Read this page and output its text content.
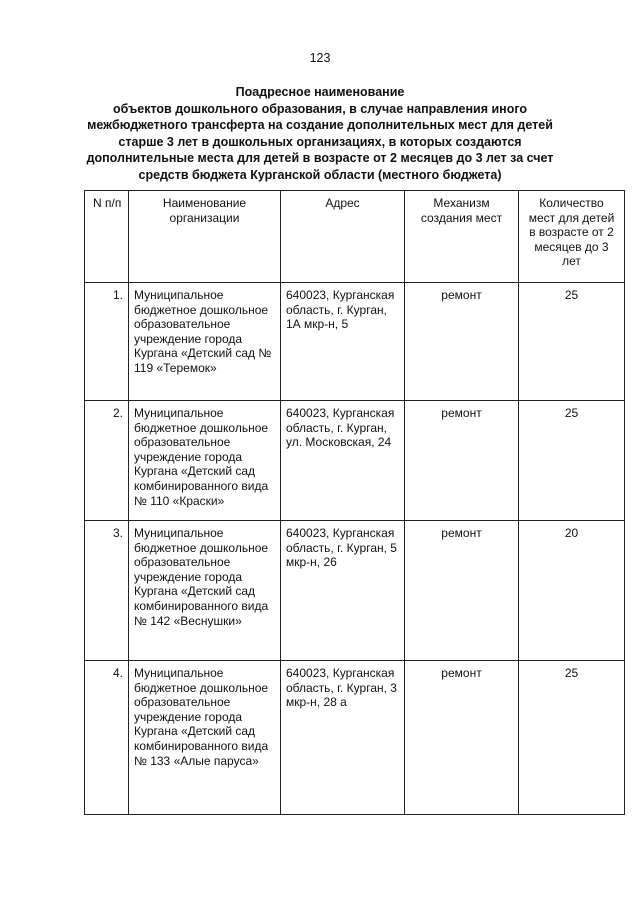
123
Поадресное наименование
объектов дошкольного образования, в случае направления иного
межбюджетного трансферта на создание дополнительных мест для детей
старше 3 лет в дошкольных организациях, в которых создаются
дополнительные места для детей в возрасте от 2 месяцев до 3 лет за счет
средств бюджета Курганской области (местного бюджета)
N п/п	Наименование организации	Адрес	Механизм создания мест	Количество мест для детей в возрасте от 2 месяцев до 3 лет
1.	Муниципальное бюджетное дошкольное образовательное учреждение города Кургана «Детский сад № 119 «Теремок»	640023, Курганская область, г. Курган, 1А мкр-н, 5	ремонт	25
2.	Муниципальное бюджетное дошкольное образовательное учреждение города Кургана «Детский сад комбинированного вида № 110 «Краски»	640023, Курганская область, г. Курган, ул. Московская, 24	ремонт	25
3.	Муниципальное бюджетное дошкольное образовательное учреждение города Кургана «Детский сад комбинированного вида № 142 «Веснушки»	640023, Курганская область, г. Курган, 5 мкр-н, 26	ремонт	20
4.	Муниципальное бюджетное дошкольное образовательное учреждение города Кургана «Детский сад комбинированного вида № 133 «Алые паруса»	640023, Курганская область, г. Курган, 3 мкр-н, 28 а	ремонт	25
